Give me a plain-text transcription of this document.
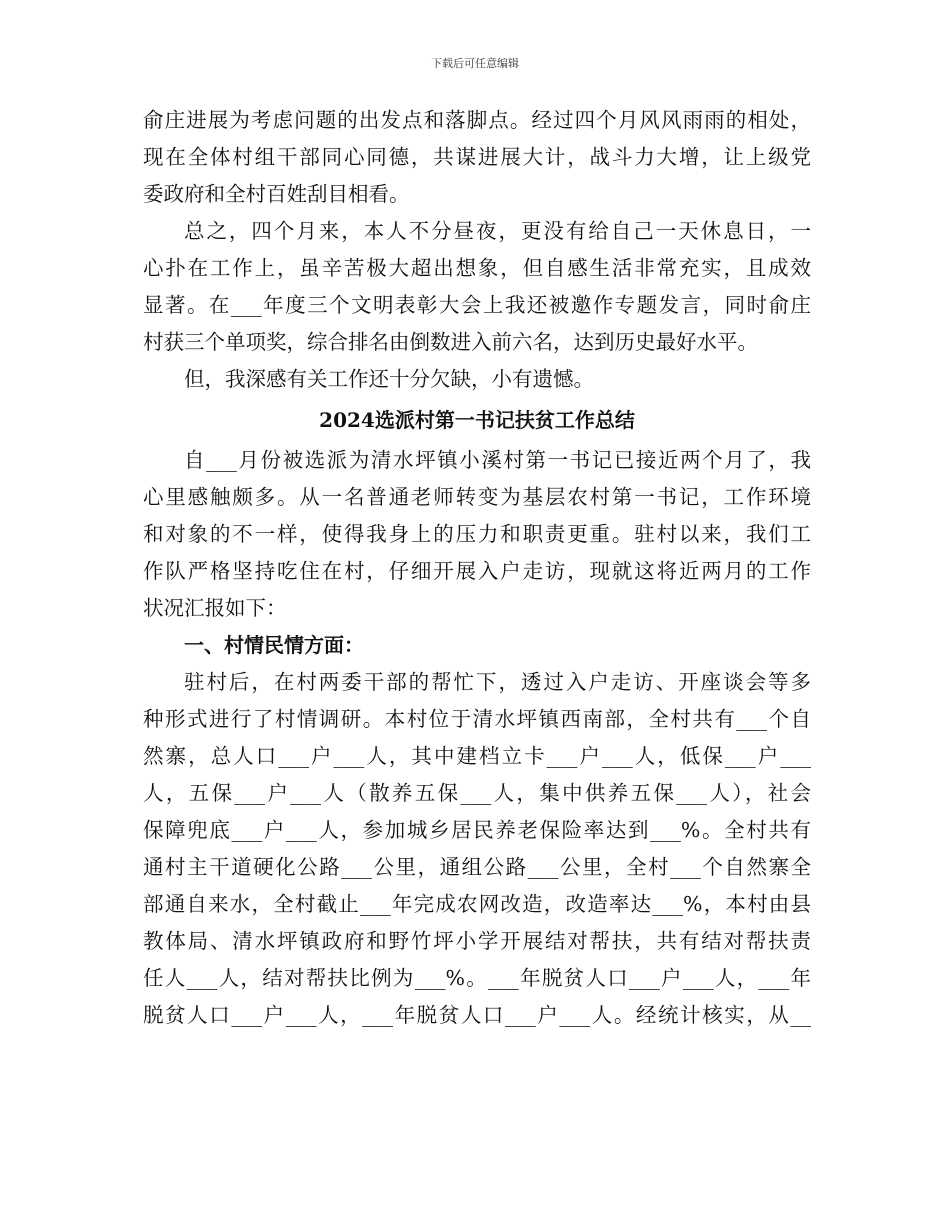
下载后可任意编辑
俞庄进展为考虑问题的出发点和落脚点。经过四个月风风雨雨的相处，
现在全体村组干部同心同德，共谋进展大计，战斗力大增，让上级党
委政府和全村百姓刮目相看。
总之，四个月来，本人不分昼夜，更没有给自己一天休息日，一
心扑在工作上，虽辛苦极大超出想象，但自感生活非常充实，且成效
显著。在___年度三个文明表彰大会上我还被邀作专题发言，同时俞庄
村获三个单项奖，综合排名由倒数进入前六名，达到历史最好水平。
但，我深感有关工作还十分欠缺，小有遗憾。
2024选派村第一书记扶贫工作总结
自___月份被选派为清水坪镇小溪村第一书记已接近两个月了，我
心里感触颇多。从一名普通老师转变为基层农村第一书记，工作环境
和对象的不一样，使得我身上的压力和职责更重。驻村以来，我们工
作队严格坚持吃住在村，仔细开展入户走访，现就这将近两月的工作
状况汇报如下：
一、村情民情方面：
驻村后，在村两委干部的帮忙下，透过入户走访、开座谈会等多
种形式进行了村情调研。本村位于清水坪镇西南部，全村共有___个自
然寨，总人口___户___人，其中建档立卡___户___人，低保___户___
人，五保___户___人（散养五保___人，集中供养五保___人），社会
保障兜底___户___人，参加城乡居民养老保险率达到___%。全村共有
通村主干道硬化公路___公里，通组公路___公里，全村___个自然寨全
部通自来水，全村截止___年完成农网改造，改造率达___%，本村由县
教体局、清水坪镇政府和野竹坪小学开展结对帮扶，共有结对帮扶责
任人___人，结对帮扶比例为___%。___年脱贫人口___户___人，___年
脱贫人口___户___人，___年脱贫人口___户___人。经统计核实，从__
